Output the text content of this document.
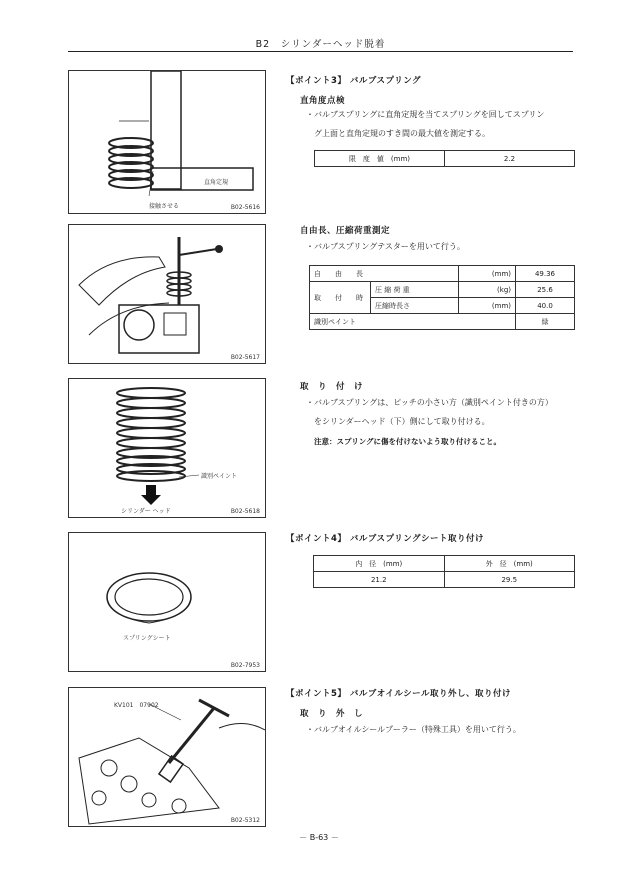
B2　シリンダーヘッド脱着
直角定規
接触させる	B02-5616
B02-5617
識別ペイント
シリンダー ヘッド	B02-5618
スプリングシート
B02-7953
KV101　07902
B02-5312
【ポイント3】 バルブスプリング
直角度点検
・バルブスプリングに直角定規を当てスプリングを回してスプリン
グ上面と直角定規のすき間の最大値を測定する。
限　度　値　(mm)	2.2
自由長、圧縮荷重測定
・バルブスプリングテスターを用いて行う。
自　　由　　長		(mm)	49.36
取　　付　　時	圧 縮 荷 重	(kg)	25.6
	圧縮時長さ	(mm)	40.0
識別ペイント			緑
取　り　付　け
・バルブスプリングは、ピッチの小さい方（識別ペイント付きの方）
をシリンダーヘッド（下）側にして取り付ける。
注意：スプリングに傷を付けないよう取り付けること。
【ポイント4】 バルブスプリングシート取り付け
内　径　(mm)	外　径　(mm)
21.2	29.5
【ポイント5】 バルブオイルシール取り外し、取り付け
取　り　外　し
・バルブオイルシールプーラー（特殊工具）を用いて行う。
－ B-63 －
